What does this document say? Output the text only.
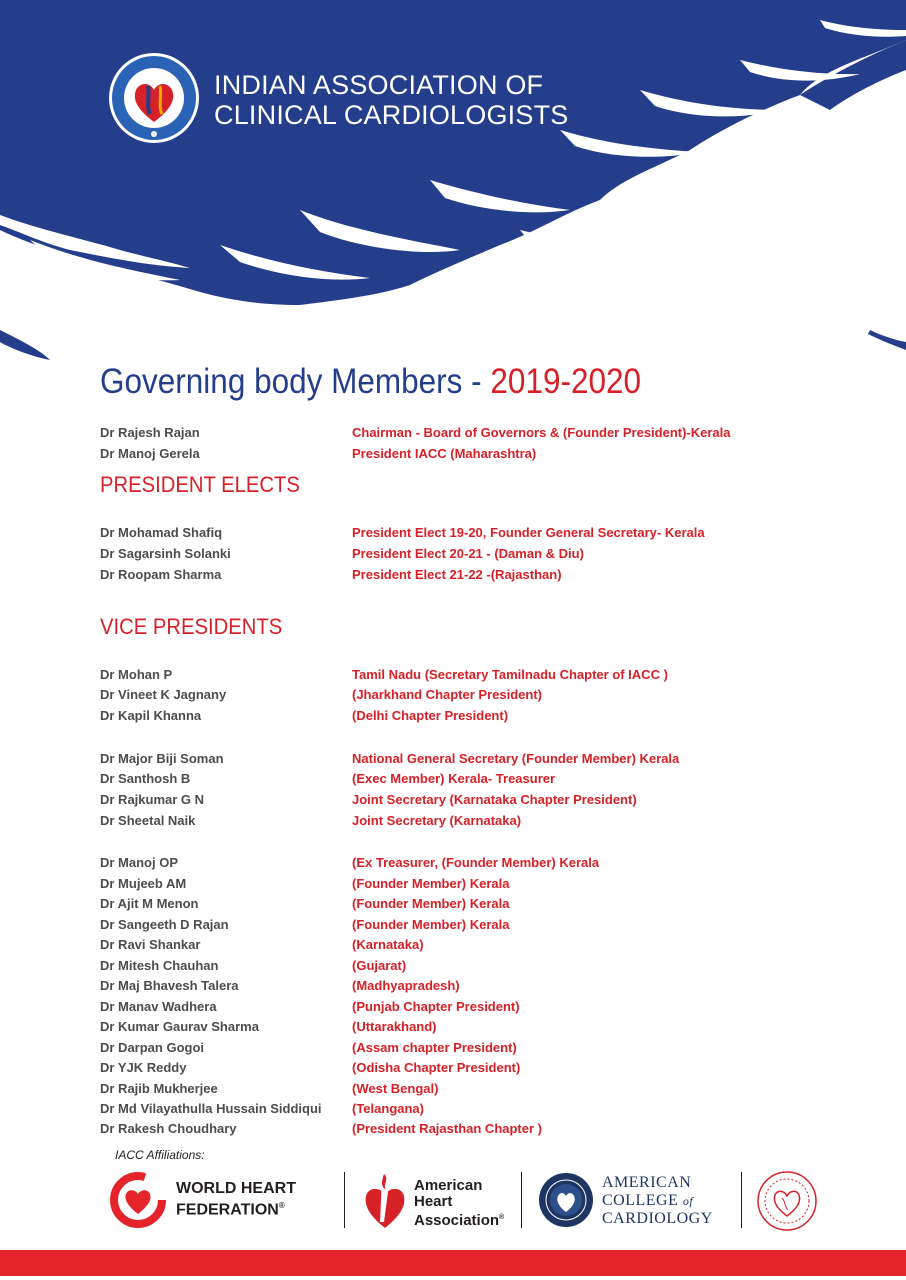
INDIAN ASSOCIATION OF
CLINICAL CARDIOLOGISTS
Governing body Members - 2019-2020
Dr Rajesh Rajan	Chairman - Board of Governors & (Founder President)-Kerala
Dr Manoj Gerela	President IACC (Maharashtra)
PRESIDENT ELECTS
Dr Mohamad Shafiq	President Elect 19-20, Founder General Secretary- Kerala
Dr Sagarsinh Solanki	President Elect 20-21 - (Daman & Diu)
Dr Roopam Sharma	President Elect 21-22 -(Rajasthan)
VICE PRESIDENTS
Dr Mohan P	Tamil Nadu (Secretary Tamilnadu Chapter of IACC )
Dr Vineet K Jagnany	(Jharkhand Chapter President)
Dr Kapil Khanna	(Delhi Chapter President)
Dr Major Biji Soman	National General Secretary (Founder Member) Kerala
Dr Santhosh B	(Exec Member) Kerala- Treasurer
Dr Rajkumar G N	Joint Secretary (Karnataka Chapter President)
Dr Sheetal Naik	Joint Secretary (Karnataka)
Dr Manoj OP	(Ex Treasurer, (Founder Member) Kerala
Dr Mujeeb AM	(Founder Member) Kerala
Dr Ajit M Menon	(Founder Member) Kerala
Dr Sangeeth D Rajan	(Founder Member) Kerala
Dr Ravi Shankar	(Karnataka)
Dr Mitesh Chauhan	(Gujarat)
Dr Maj Bhavesh Talera	(Madhyapradesh)
Dr Manav Wadhera	(Punjab Chapter President)
Dr Kumar Gaurav Sharma	(Uttarakhand)
Dr Darpan Gogoi	(Assam chapter President)
Dr YJK Reddy	(Odisha Chapter President)
Dr Rajib Mukherjee	(West Bengal)
Dr Md Vilayathulla Hussain Siddiqui (Telangana)
Dr Rakesh Choudhary	(President Rajasthan Chapter )
IACC Affiliations:
WORLD HEART
FEDERATION®
American
Heart
Association®
AMERICAN
COLLEGE of
CARDIOLOGY
